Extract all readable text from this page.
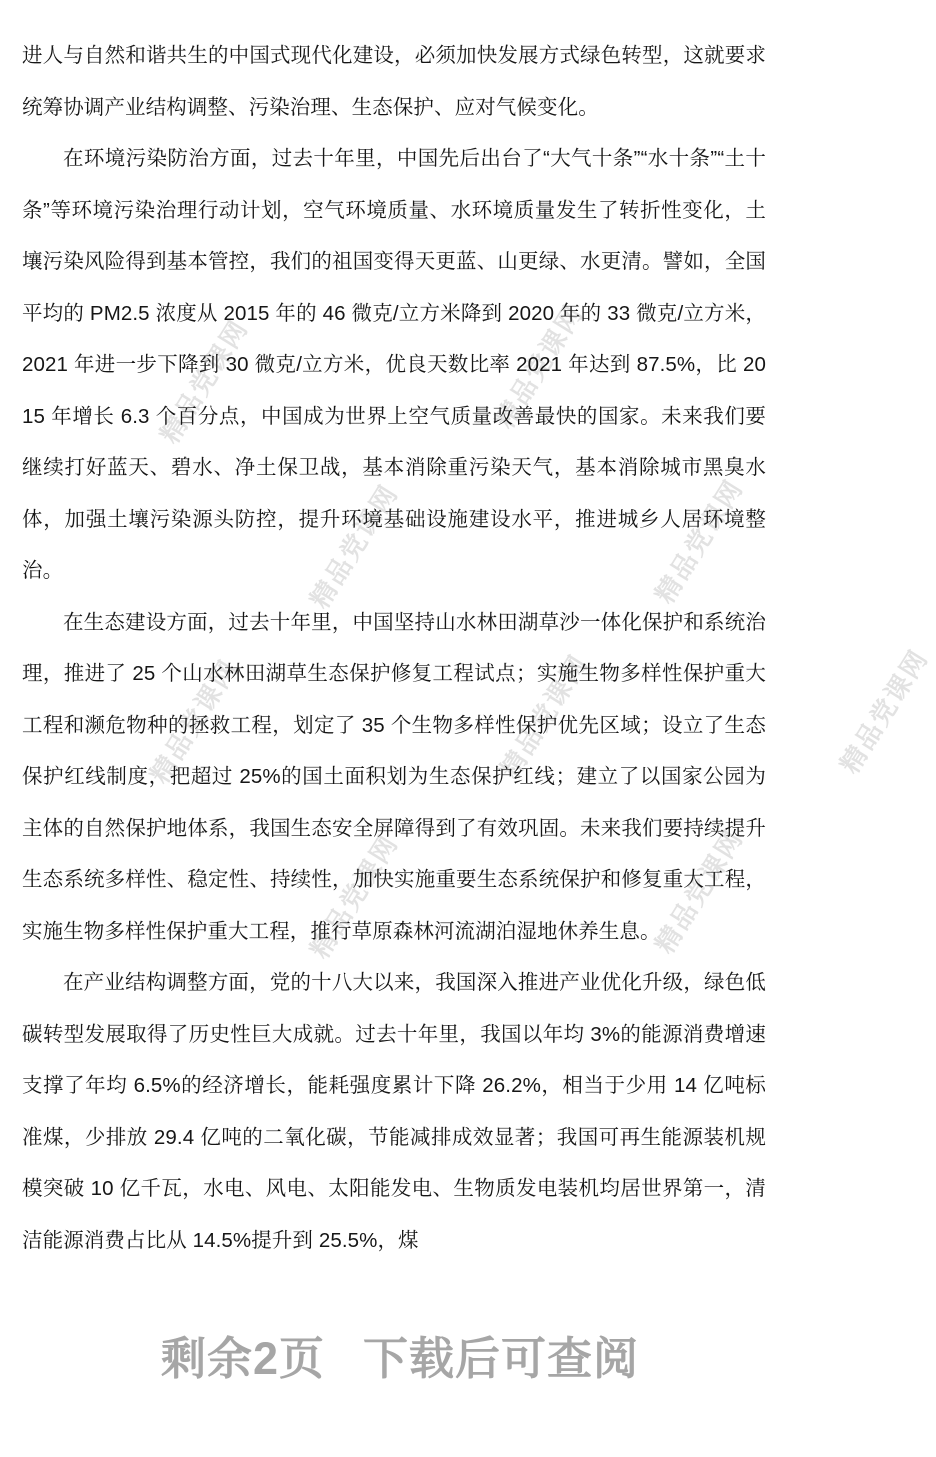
精品党课网	精品党课网
精品党课网	精品党课网
精品党课网	精品党课网	精品党课网
精品党课网	精品党课网

进人与自然和谐共生的中国式现代化建设，必须加快发展方式绿色转型，这就要求统筹协调产业结构调整、污染治理、生态保护、应对气候变化。

在环境污染防治方面，过去十年里，中国先后出台了“大气十条”“水十条”“土十条”等环境污染治理行动计划，空气环境质量、水环境质量发生了转折性变化，土壤污染风险得到基本管控，我们的祖国变得天更蓝、山更绿、水更清。譬如，全国平均的 PM2.5 浓度从 2015 年的 46 微克/立方米降到 2020 年的 33 微克/立方米，2021 年进一步下降到 30 微克/立方米，优良天数比率 2021 年达到 87.5%，比 2015 年增长 6.3 个百分点，中国成为世界上空气质量改善最快的国家。未来我们要继续打好蓝天、碧水、净土保卫战，基本消除重污染天气，基本消除城市黑臭水体，加强土壤污染源头防控，提升环境基础设施建设水平，推进城乡人居环境整治。

在生态建设方面，过去十年里，中国坚持山水林田湖草沙一体化保护和系统治理，推进了 25 个山水林田湖草生态保护修复工程试点；实施生物多样性保护重大工程和濒危物种的拯救工程，划定了 35 个生物多样性保护优先区域；设立了生态保护红线制度，把超过 25%的国土面积划为生态保护红线；建立了以国家公园为主体的自然保护地体系，我国生态安全屏障得到了有效巩固。未来我们要持续提升生态系统多样性、稳定性、持续性，加快实施重要生态系统保护和修复重大工程，实施生物多样性保护重大工程，推行草原森林河流湖泊湿地休养生息。

在产业结构调整方面，党的十八大以来，我国深入推进产业优化升级，绿色低碳转型发展取得了历史性巨大成就。过去十年里，我国以年均 3%的能源消费增速支撑了年均 6.5%的经济增长，能耗强度累计下降 26.2%，相当于少用 14 亿吨标准煤，少排放 29.4 亿吨的二氧化碳，节能减排成效显著；我国可再生能源装机规模突破 10 亿千瓦，水电、风电、太阳能发电、生物质发电装机均居世界第一，清洁能源消费占比从 14.5%提升到 25.5%，煤

剩余2页 下载后可查阅
